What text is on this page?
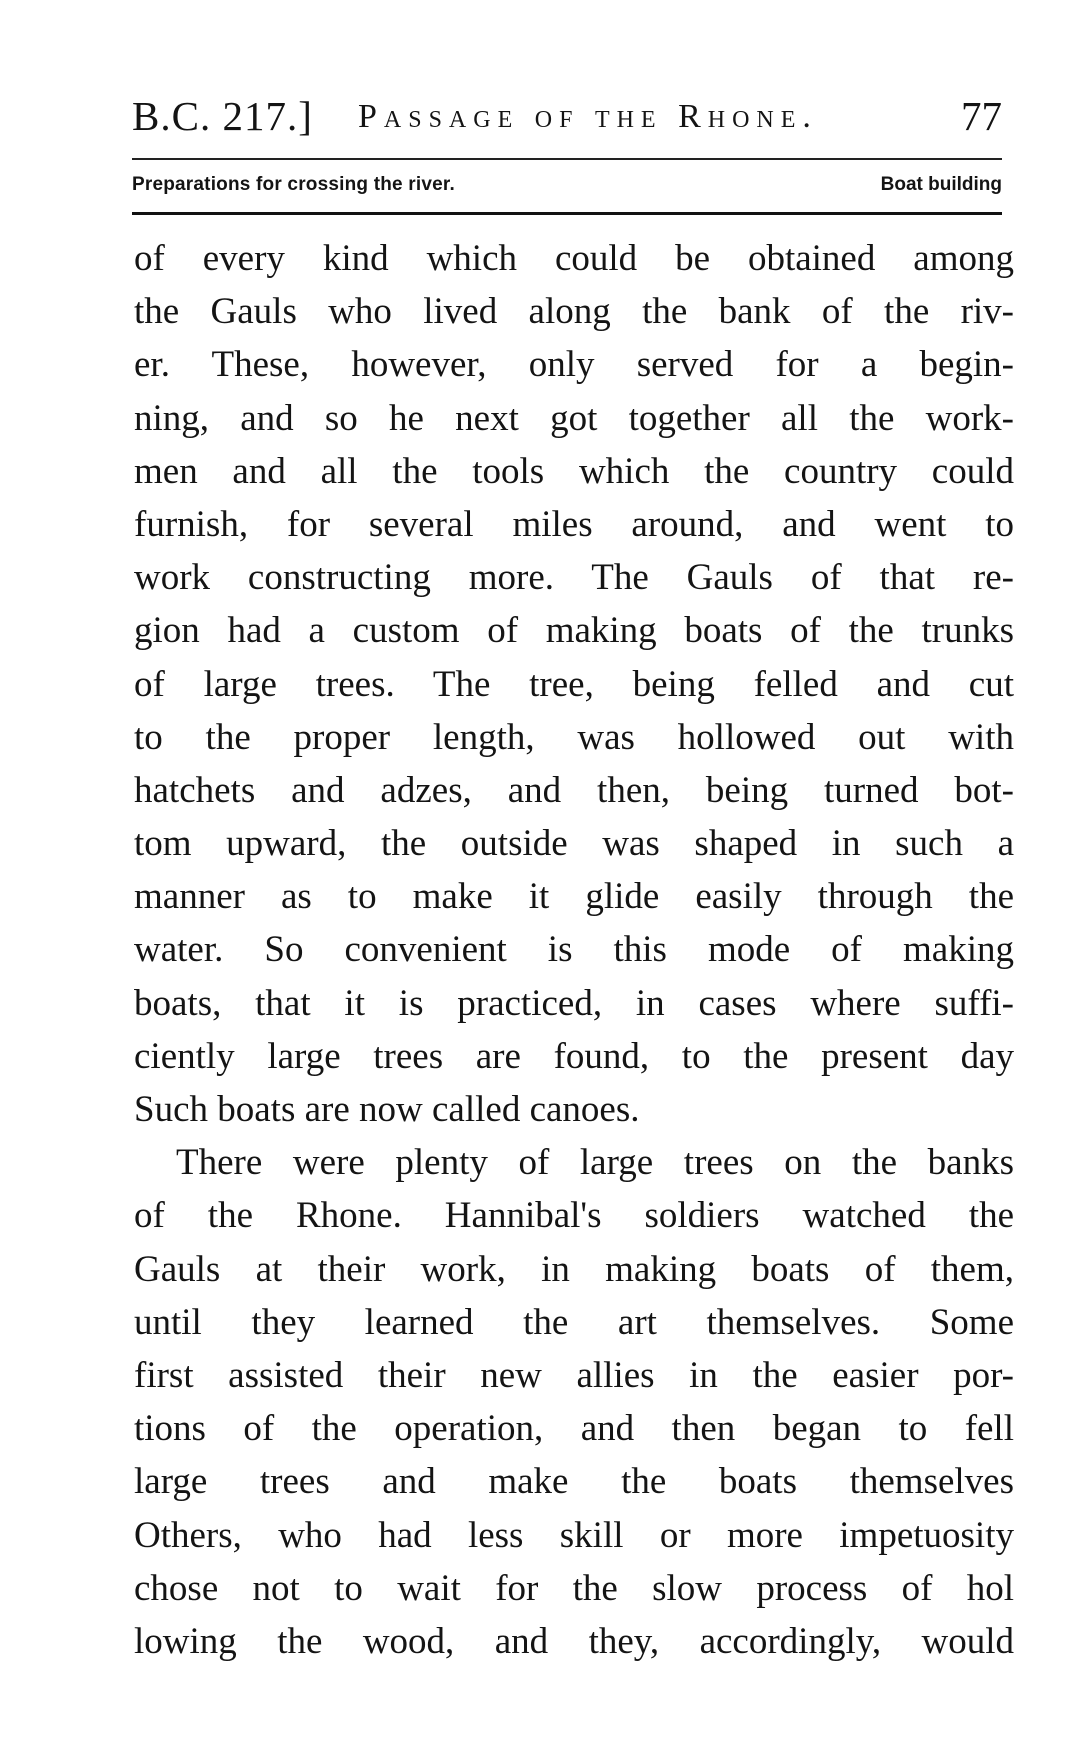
B.C. 217.] Passage of the Rhone.	77
Preparations for crossing the river.	Boat building
of every kind which could be obtained among
the Gauls who lived along the bank of the riv-
er. These, however, only served for a begin-
ning, and so he next got together all the work-
men and all the tools which the country could
furnish, for several miles around, and went to
work constructing more. The Gauls of that re-
gion had a custom of making boats of the trunks
of large trees. The tree, being felled and cut
to the proper length, was hollowed out with
hatchets and adzes, and then, being turned bot-
tom upward, the outside was shaped in such a
manner as to make it glide easily through the
water. So convenient is this mode of making
boats, that it is practiced, in cases where suffi-
ciently large trees are found, to the present day
Such boats are now called canoes.
There were plenty of large trees on the banks
of the Rhone. Hannibal's soldiers watched the
Gauls at their work, in making boats of them,
until they learned the art themselves. Some
first assisted their new allies in the easier por-
tions of the operation, and then began to fell
large trees and make the boats themselves
Others, who had less skill or more impetuosity
chose not to wait for the slow process of hol
lowing the wood, and they, accordingly, would
